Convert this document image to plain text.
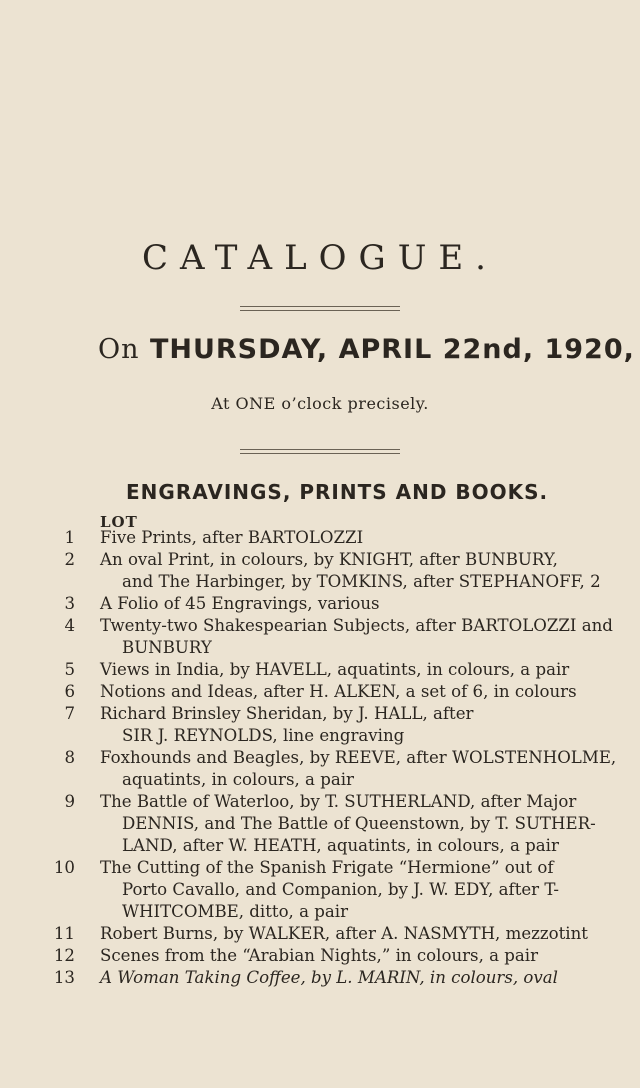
CATALOGUE.
On THURSDAY, APRIL 22nd, 1920,
At ONE o’clock precisely.
ENGRAVINGS, PRINTS AND BOOKS.
LOT
1	Five Prints, after BARTOLOZZI
2	An oval Print, in colours, by KNIGHT, after BUNBURY,
and The Harbinger, by TOMKINS, after STEPHANOFF, 2
3	A Folio of 45 Engravings, various
4	Twenty-two Shakespearian Subjects, after BARTOLOZZI and
BUNBURY
5	Views in India, by HAVELL, aquatints, in colours, a pair
6	Notions and Ideas, after H. ALKEN, a set of 6, in colours
7	Richard Brinsley Sheridan, by J. HALL, after
SIR J. REYNOLDS, line engraving
8	Foxhounds and Beagles, by REEVE, after WOLSTENHOLME,
aquatints, in colours, a pair
9	The Battle of Waterloo, by T. SUTHERLAND, after Major
DENNIS, and The Battle of Queenstown, by T. SUTHER-
LAND, after W. HEATH, aquatints, in colours, a pair
10	The Cutting of the Spanish Frigate “Hermione” out of
Porto Cavallo, and Companion, by J. W. EDY, after T-
WHITCOMBE, ditto, a pair
11	Robert Burns, by WALKER, after A. NASMYTH, mezzotint
12	Scenes from the “Arabian Nights,” in colours, a pair
13	A Woman Taking Coffee, by L. MARIN, in colours, oval
